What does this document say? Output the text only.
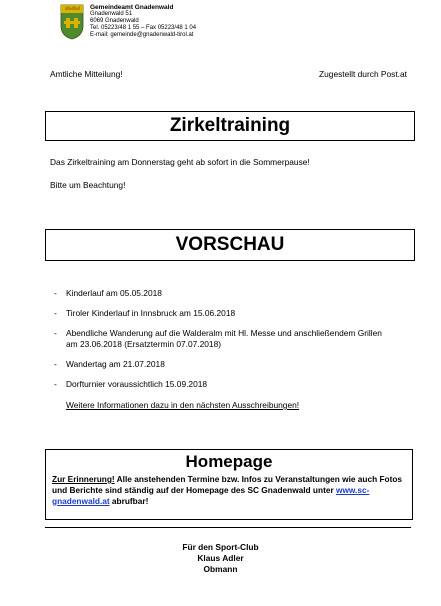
Gemeindeamt Gnadenwald
Gnadenwald 51
6069 Gnadenwald
Tel. 05223/48 1 55 – Fax 05223/48 1 04
E-mail: gemeinde@gnadenwald-tirol.at
Amtliche Mitteilung!	Zugestellt durch Post.at
Zirkeltraining
Das Zirkeltraining am Donnerstag geht ab sofort in die Sommerpause!
Bitte um Beachtung!
VORSCHAU
- Kinderlauf am 05.05.2018
- Tiroler Kinderlauf in Innsbruck am 15.06.2018
- Abendliche Wanderung auf die Walderalm mit Hl. Messe und anschließendem Grillen am 23.06.2018 (Ersatztermin 07.07.2018)
- Wandertag am 21.07.2018
- Dorfturnier voraussichtlich 15.09.2018
Weitere Informationen dazu in den nächsten Ausschreibungen!
Homepage
Zur Erinnerung! Alle anstehenden Termine bzw. Infos zu Veranstaltungen wie auch Fotos und Berichte sind ständig auf der Homepage des SC Gnadenwald unter www.sc-gnadenwald.at abrufbar!
Für den Sport-Club
Klaus Adler
Obmann
